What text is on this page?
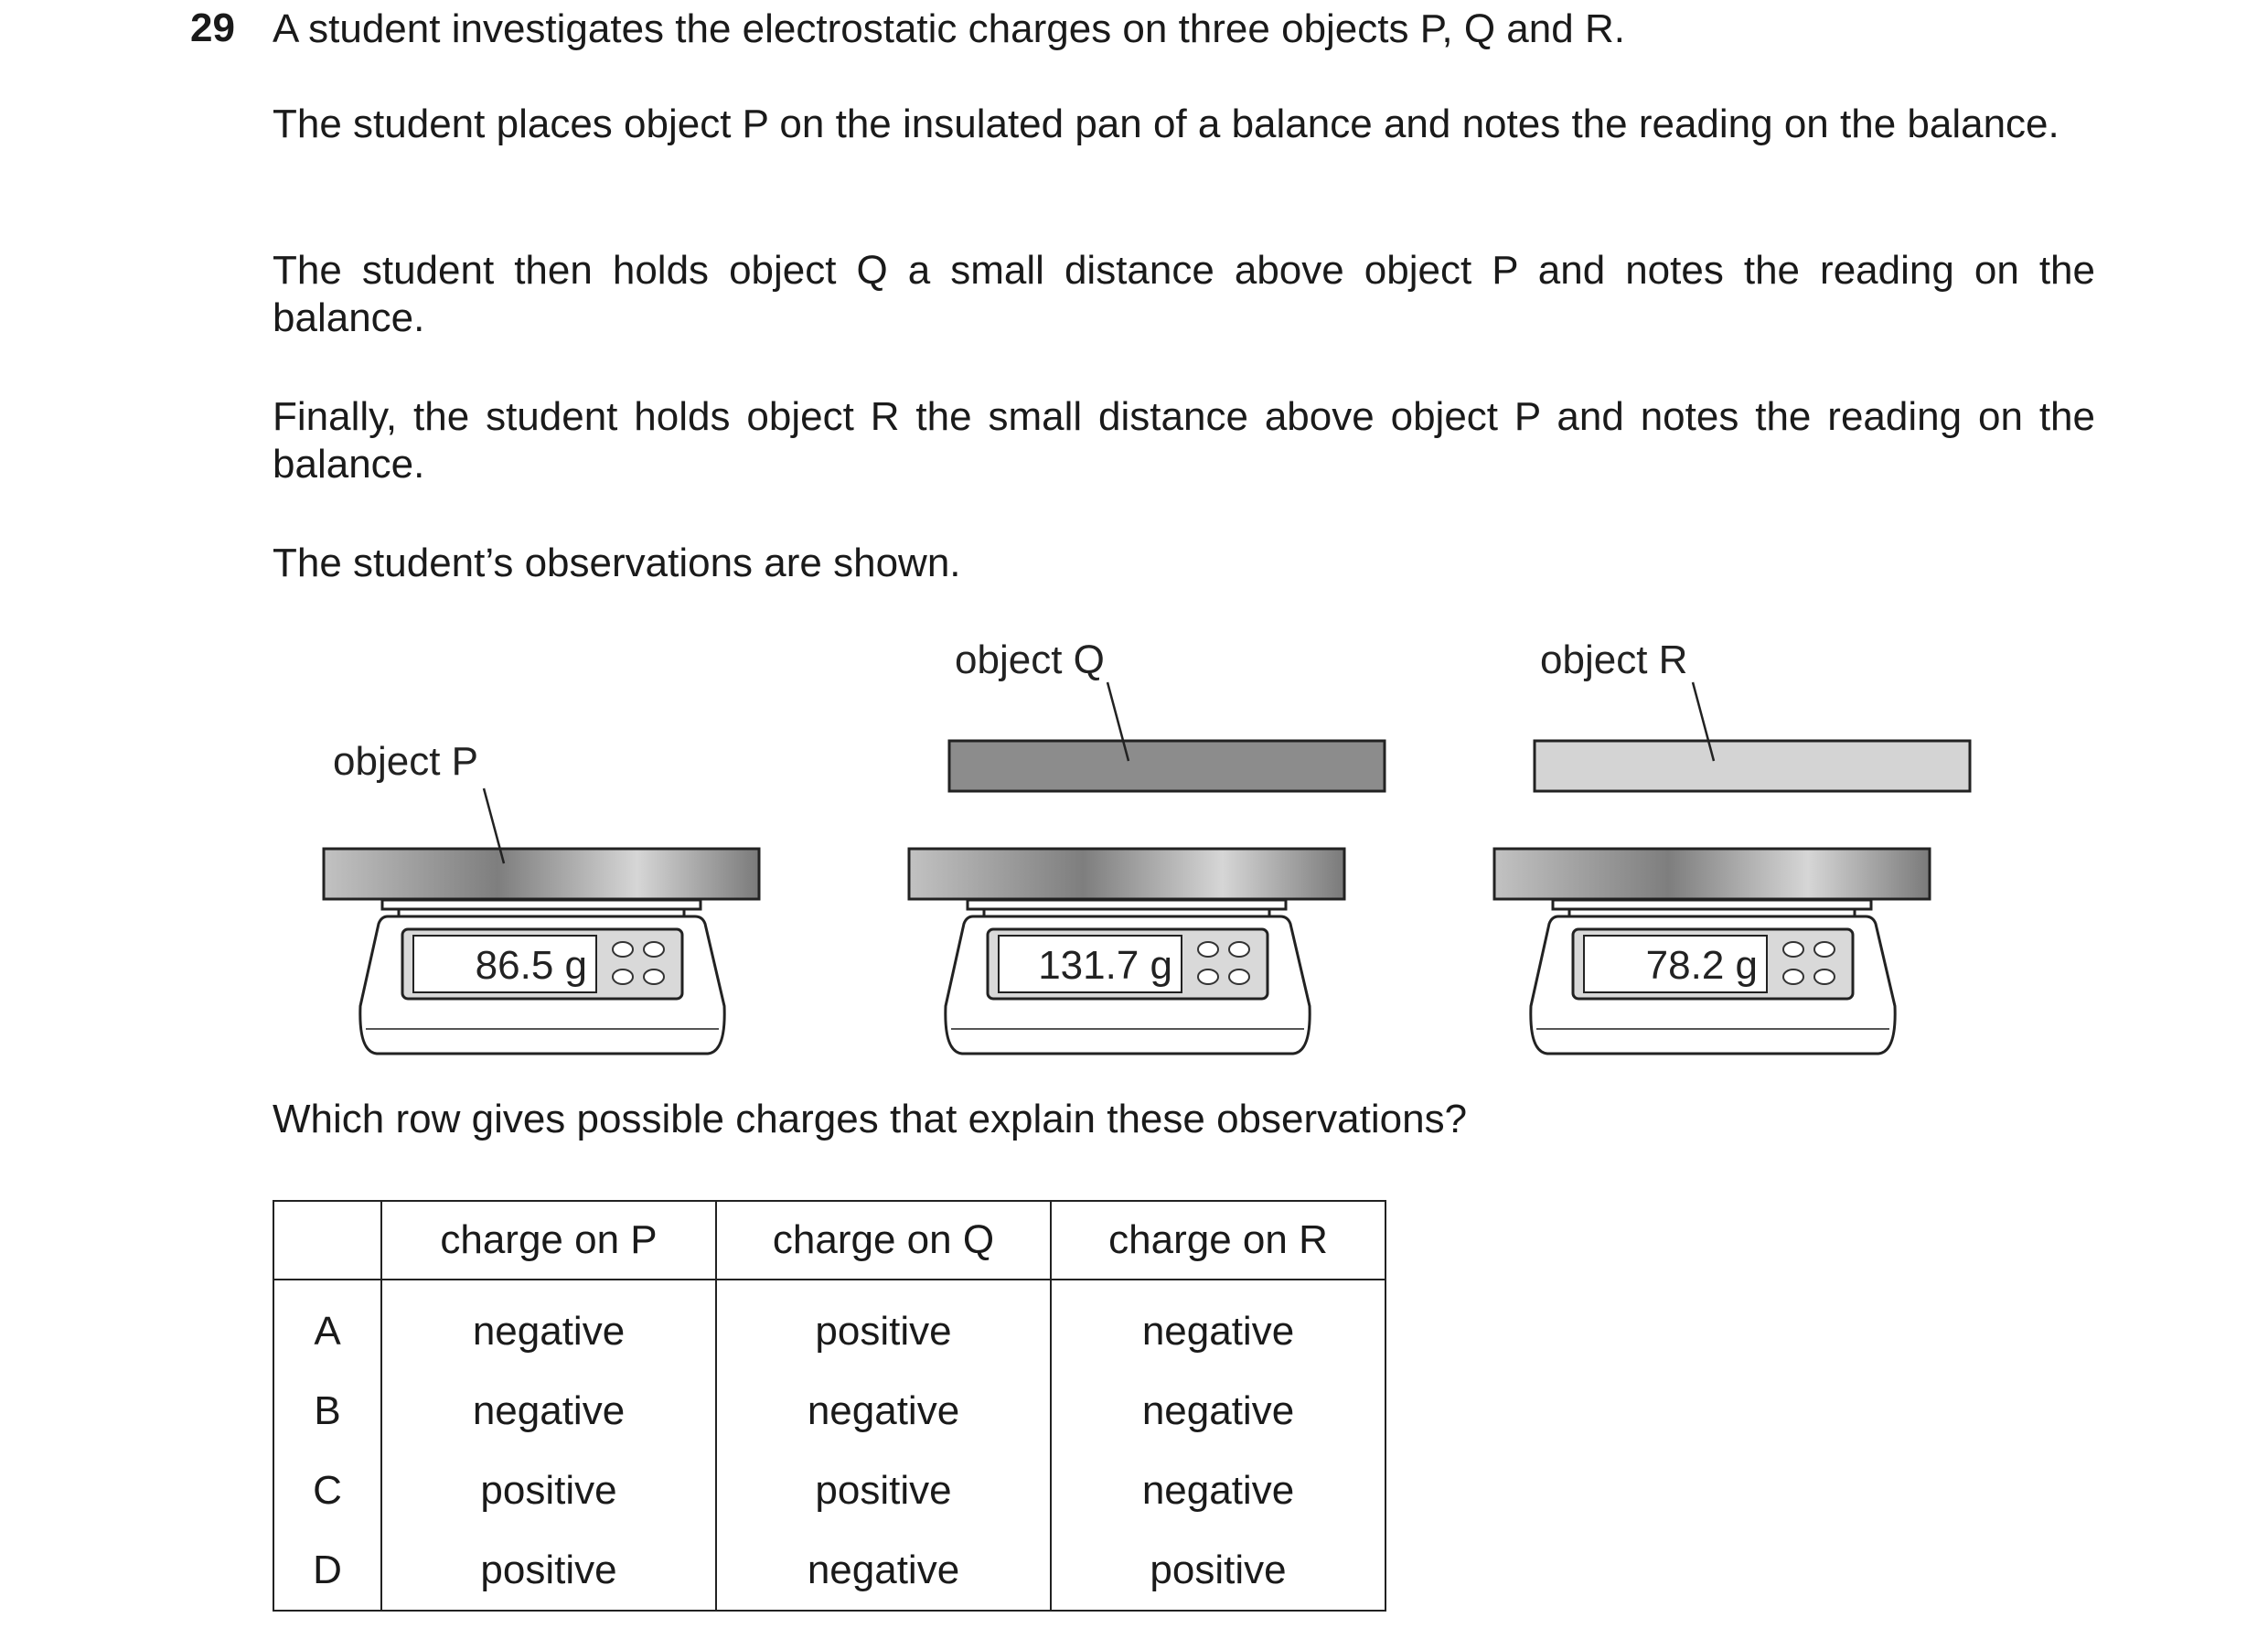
29 A student investigates the electrostatic charges on three objects P, Q and R.
The student places object P on the insulated pan of a balance and notes the reading on the balance.
The student then holds object Q a small distance above object P and notes the reading on the balance.
Finally, the student holds object R the small distance above object P and notes the reading on the balance.
The student’s observations are shown.
object Q	object R
86.5 g
object P
131.7 g	78.2 g
Which row gives possible charges that explain these observations?
	charge on P	charge on Q	charge on R
A	negative	positive	negative
B	negative	negative	negative
C	positive	positive	negative
D	positive	negative	positive
